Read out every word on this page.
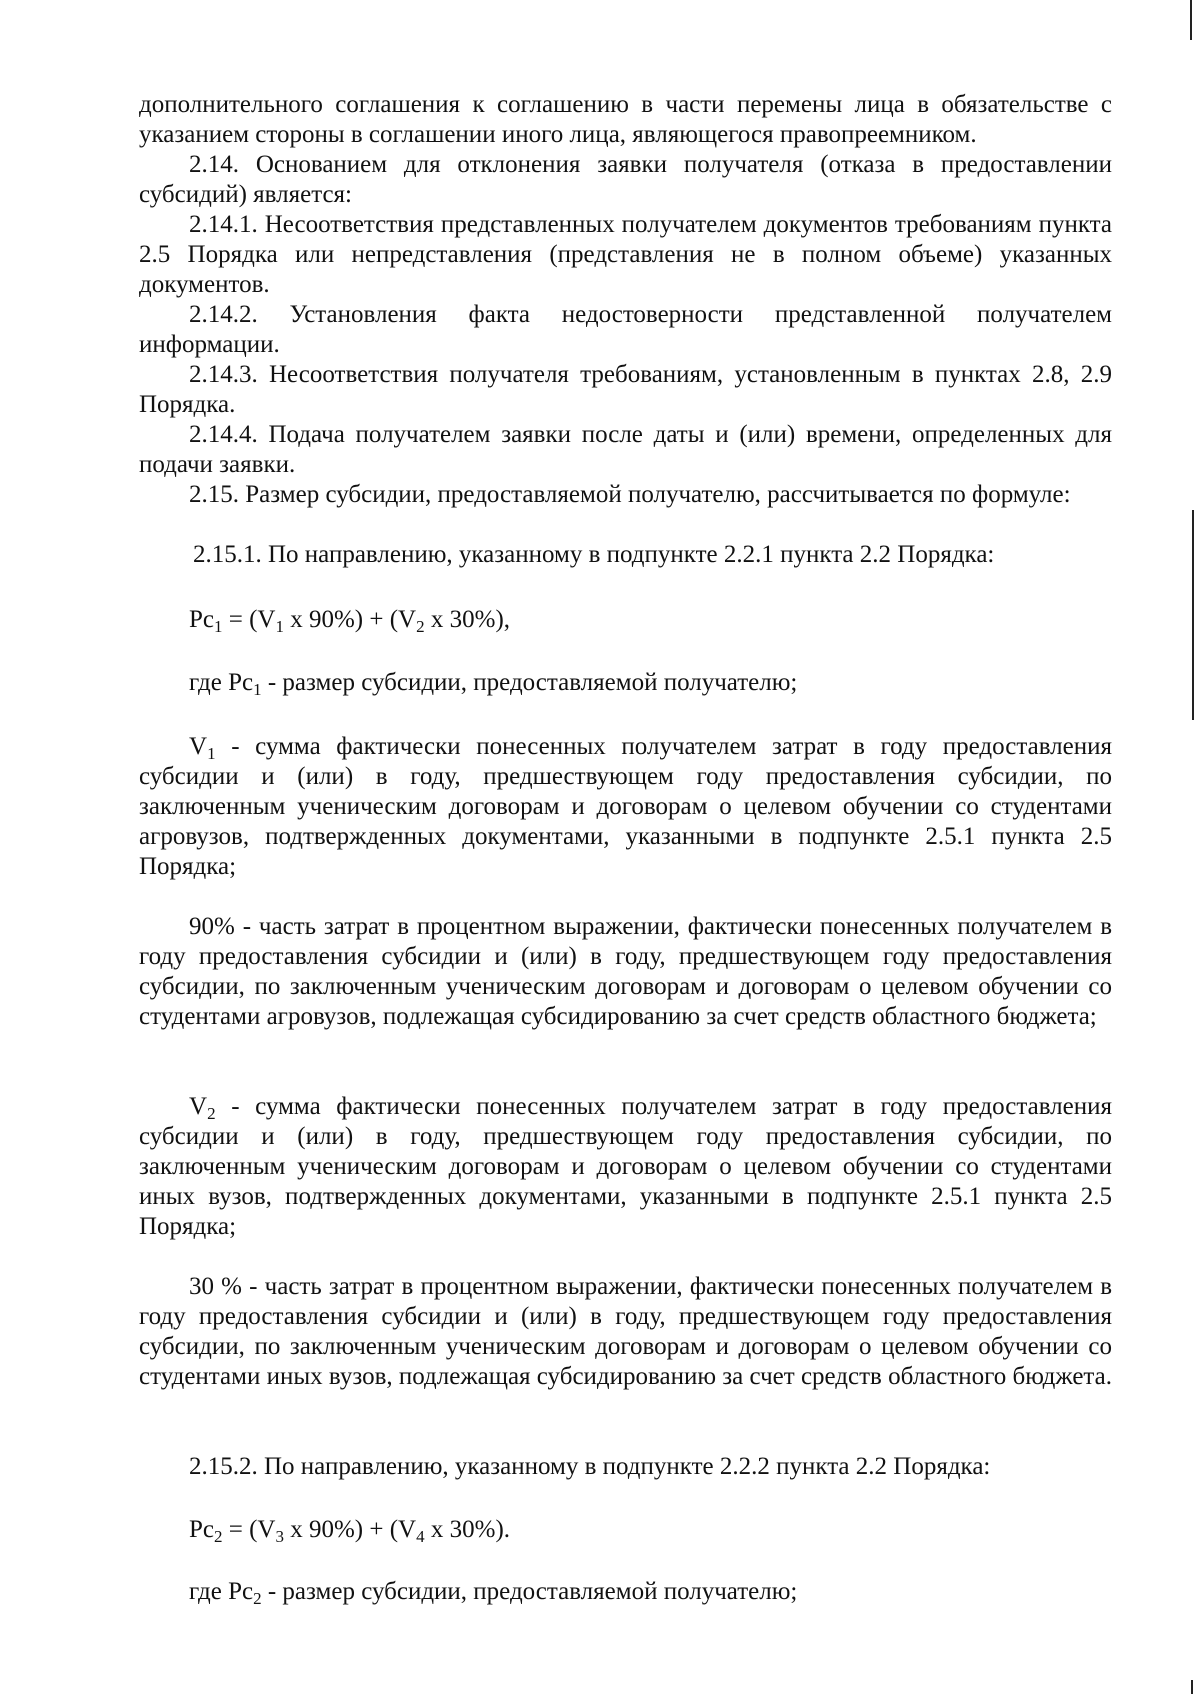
дополнительного соглашения к соглашению в части перемены лица в обязательстве с указанием стороны в соглашении иного лица, являющегося правопреемником.

2.14. Основанием для отклонения заявки получателя (отказа в предоставлении субсидий) является:

2.14.1. Несоответствия представленных получателем документов требованиям пункта 2.5 Порядка или непредставления (представления не в полном объеме) указанных документов.

2.14.2. Установления факта недостоверности представленной получателем информации.

2.14.3. Несоответствия получателя требованиям, установленным в пунктах 2.8, 2.9 Порядка.

2.14.4. Подача получателем заявки после даты и (или) времени, определенных для подачи заявки.

2.15. Размер субсидии, предоставляемой получателю, рассчитывается по формуле:

2.15.1. По направлению, указанному в подпункте 2.2.1 пункта 2.2 Порядка:

$Рс_1 = (V_1$ х $90\%) + (V_2$ х 30%),

где $Рс_1$ - размер субсидии, предоставляемой получателю;

$V_1$ - сумма фактически понесенных получателем затрат в году предоставления субсидии и (или) в году, предшествующем году предоставления субсидии, по заключенным ученическим договорам и договорам о целевом обучении со студентами агровузов, подтвержденных документами, указанными в подпункте 2.5.1 пункта 2.5 Порядка;

90% - часть затрат в процентном выражении, фактически понесенных получателем в году предоставления субсидии и (или) в году, предшествующем году предоставления субсидии, по заключенным ученическим договорам и договорам о целевом обучении со студентами агровузов, подлежащая субсидированию за счет средств областного бюджета;

$V_2$ - сумма фактически понесенных получателем затрат в году предоставления субсидии и (или) в году, предшествующем году предоставления субсидии, по заключенным ученическим договорам и договорам о целевом обучении со студентами иных вузов, подтвержденных документами, указанными в подпункте 2.5.1 пункта 2.5 Порядка;

30 % - часть затрат в процентном выражении, фактически понесенных получателем в году предоставления субсидии и (или) в году, предшествующем году предоставления субсидии, по заключенным ученическим договорам и договорам о целевом обучении со студентами иных вузов, подлежащая субсидированию за счет средств областного бюджета.

2.15.2. По направлению, указанному в подпункте 2.2.2 пункта 2.2 Порядка:

$Рс_2 = (V_3$ х $90\%) + (V_4$ х 30%).

где $Рс_2$ - размер субсидии, предоставляемой получателю;
